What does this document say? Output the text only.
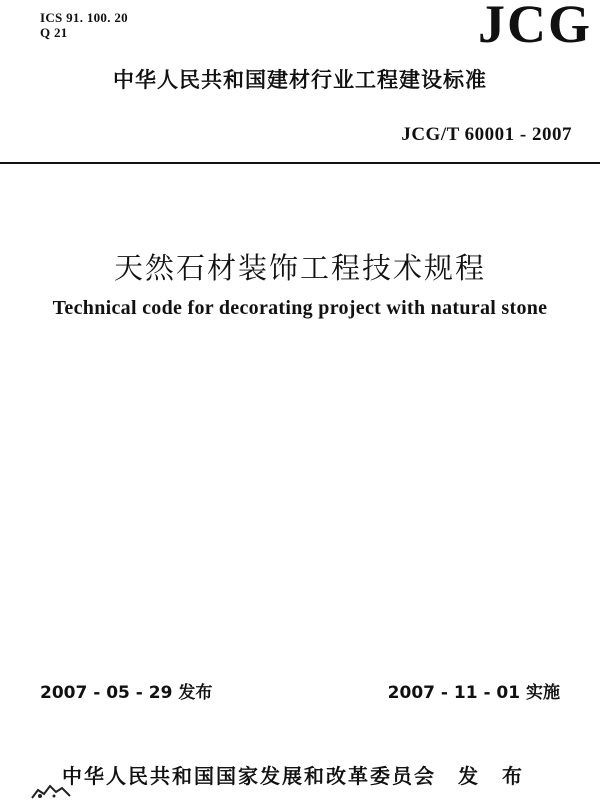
ICS 91. 100. 20
Q 21	JCG
中华人民共和国建材行业工程建设标准
JCG/T 60001 - 2007
天然石材装饰工程技术规程
Technical code for decorating project with natural stone
2007 - 05 - 29 发布	2007 - 11 - 01 实施
中华人民共和国国家发展和改革委员会　发　布
